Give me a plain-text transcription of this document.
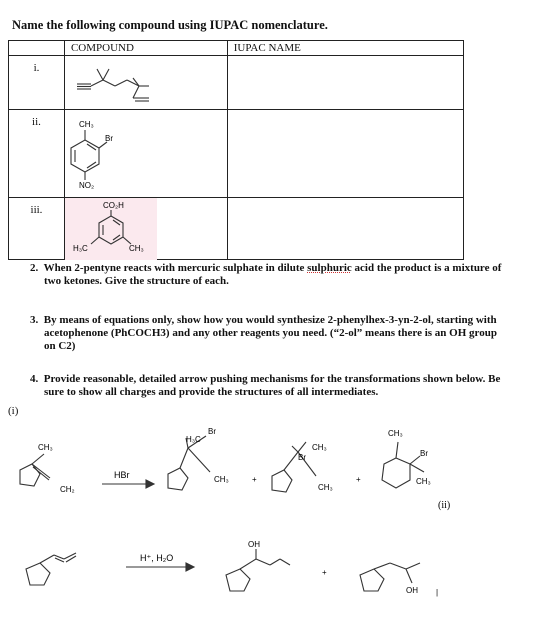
Name the following compound using IUPAC nomenclature.
	COMPOUND	IUPAC NAME

i.

ii.	CH₃
Br
NO₂	

iii.	CO₂H
H₃C CH₃	

2. When 2-pentyne reacts with mercuric sulphate in dilute sulphuric acid the product is a mixture of
two ketones. Give the structure of each.
3. By means of equations only, show how you would synthesize 2-phenylhex-3-yn-2-ol, starting with
acetophenone (PhCOCH3) and any other reagents you need. (“2-ol” means there is an OH group
on C2)
4. Provide reasonable, detailed arrow pushing mechanisms for the transformations shown below. Be
sure to show all charges and provide the structures of all intermediates.
(i)
CH₃
CH₂
HBr
H₃C
Br
CH₃	+
Br
CH₃
CH₃
+
CH₃
Br
CH₃
(ii)
H⁺, H₂O
OH
+
OH |
